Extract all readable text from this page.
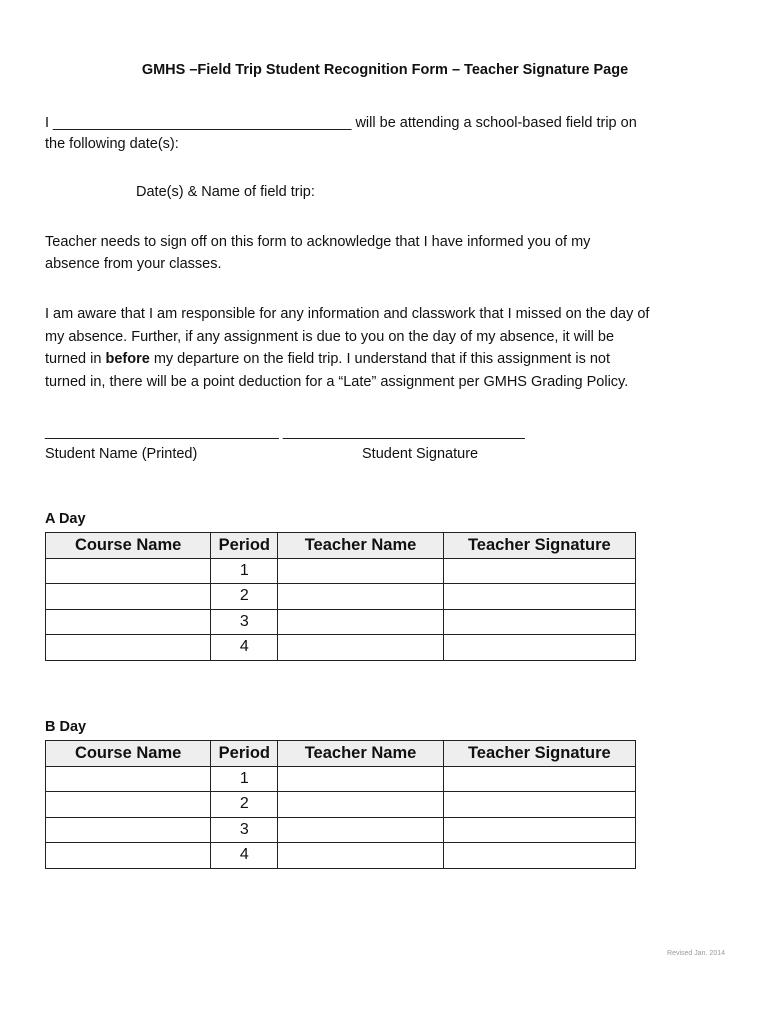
GMHS –Field Trip Student Recognition Form – Teacher Signature Page
I _____________________________________ will be attending a school-based field trip on
the following date(s):
Date(s) & Name of field trip:
Teacher needs to sign off on this form to acknowledge that I have informed you of my
absence from your classes.
I am aware that I am responsible for any information and classwork that I missed on the day of
my absence. Further, if any assignment is due to you on the day of my absence, it will be
turned in before my departure on the field trip. I understand that if this assignment is not
turned in, there will be a point deduction for a “Late” assignment per GMHS Grading Policy.
_____________________________ ______________________________
Student Name (Printed)	Student Signature
A Day
Course Name	Period	Teacher Name	Teacher Signature
	1		
	2		
	3		
	4		
B Day
Course Name	Period	Teacher Name	Teacher Signature
	1		
	2		
	3		
	4		
Revised Jan. 2014
